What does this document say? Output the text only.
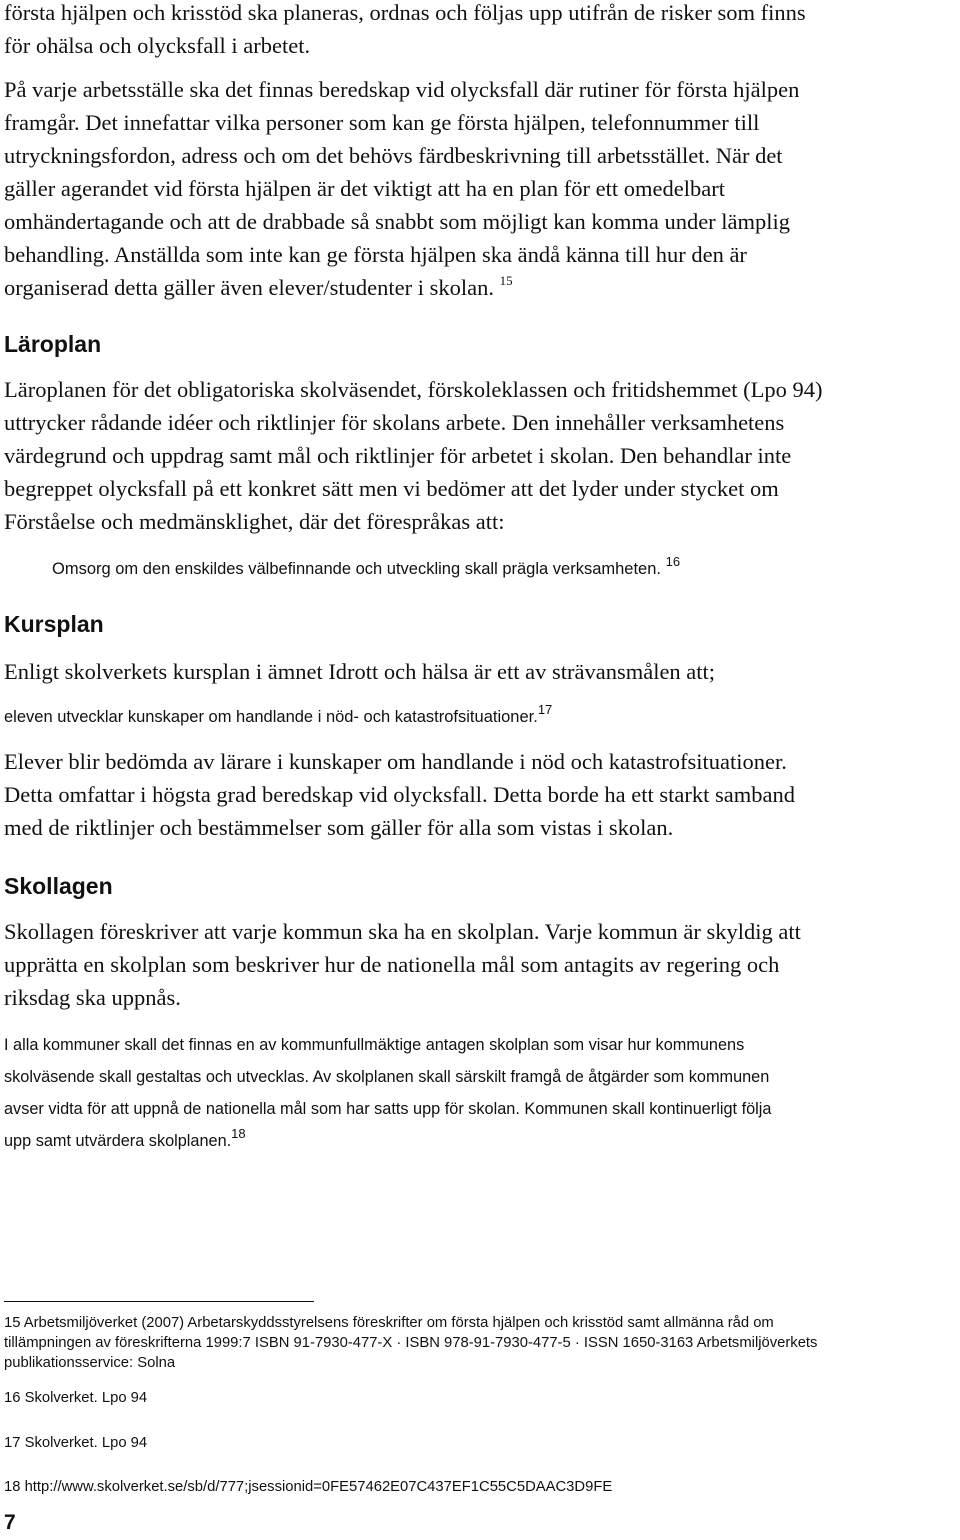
första hjälpen och krisstöd ska planeras, ordnas och följas upp utifrån de risker som finns
för ohälsa och olycksfall i arbetet.
På varje arbetsställe ska det finnas beredskap vid olycksfall där rutiner för första hjälpen
framgår. Det innefattar vilka personer som kan ge första hjälpen, telefonnummer till
utryckningsfordon, adress och om det behövs färdbeskrivning till arbetsstället. När det
gäller agerandet vid första hjälpen är det viktigt att ha en plan för ett omedelbart
omhändertagande och att de drabbade så snabbt som möjligt kan komma under lämplig
behandling. Anställda som inte kan ge första hjälpen ska ändå känna till hur den är
organiserad detta gäller även elever/studenter i skolan. $^{15}$
Läroplan
Läroplanen för det obligatoriska skolväsendet, förskoleklassen och fritidshemmet (Lpo 94)
uttrycker rådande idéer och riktlinjer för skolans arbete. Den innehåller verksamhetens
värdegrund och uppdrag samt mål och riktlinjer för arbetet i skolan. Den behandlar inte
begreppet olycksfall på ett konkret sätt men vi bedömer att det lyder under stycket om
Förståelse och medmänsklighet, där det förespråkas att:
Omsorg om den enskildes välbefinnande och utveckling skall prägla verksamheten. $^{16}$
Kursplan
Enligt skolverkets kursplan i ämnet Idrott och hälsa är ett av strävansmålen att;
eleven utvecklar kunskaper om handlande i nöd- och katastrofsituationer.$^{17}$
Elever blir bedömda av lärare i kunskaper om handlande i nöd och katastrofsituationer.
Detta omfattar i högsta grad beredskap vid olycksfall. Detta borde ha ett starkt samband
med de riktlinjer och bestämmelser som gäller för alla som vistas i skolan.
Skollagen
Skollagen föreskriver att varje kommun ska ha en skolplan. Varje kommun är skyldig att
upprätta en skolplan som beskriver hur de nationella mål som antagits av regering och
riksdag ska uppnås.
I alla kommuner skall det finnas en av kommunfullmäktige antagen skolplan som visar hur kommunens
skolväsende skall gestaltas och utvecklas. Av skolplanen skall särskilt framgå de åtgärder som kommunen
avser vidta för att uppnå de nationella mål som har satts upp för skolan. Kommunen skall kontinuerligt följa
upp samt utvärdera skolplanen.$^{18}$
15 Arbetsmiljöverket (2007) Arbetarskyddsstyrelsens föreskrifter om första hjälpen och krisstöd samt allmänna råd om
tillämpningen av föreskrifterna 1999:7 ISBN 91-7930-477-X · ISBN 978-91-7930-477-5 · ISSN 1650-3163 Arbetsmiljöverkets
publikationsservice: Solna
16 Skolverket. Lpo 94
17 Skolverket. Lpo 94
18 http://www.skolverket.se/sb/d/777;jsessionid=0FE57462E07C437EF1C55C5DAAC3D9FE
7
